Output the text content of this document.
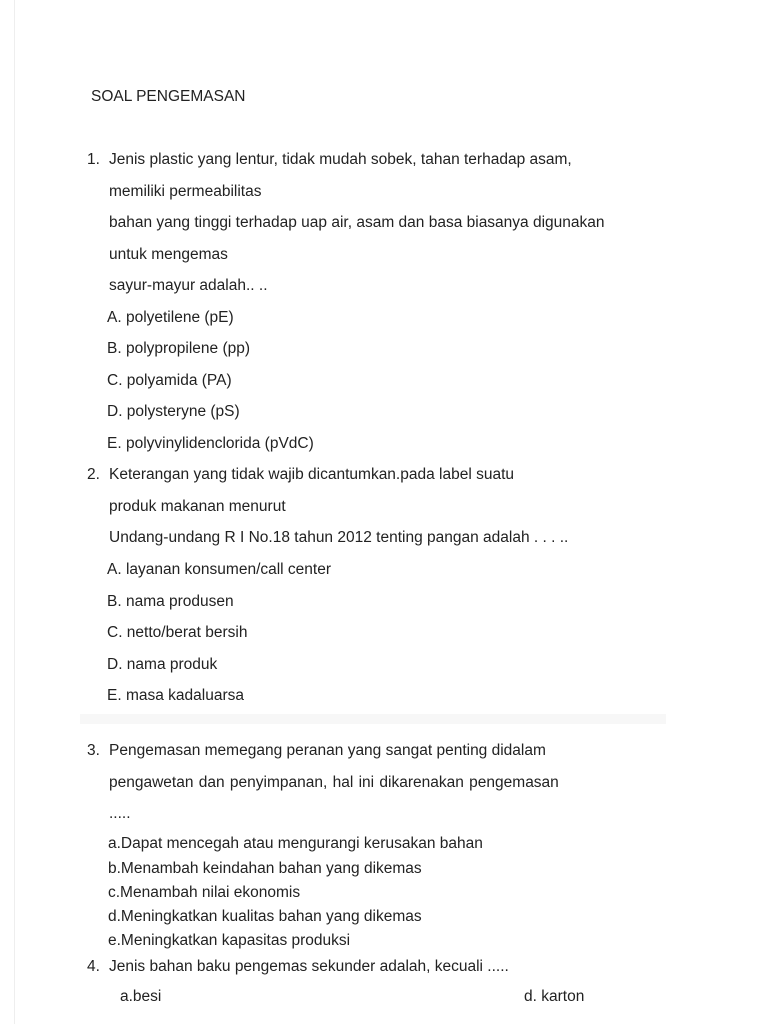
SOAL PENGEMASAN
1. Jenis plastic yang lentur, tidak mudah sobek, tahan terhadap asam,
memiliki permeabilitas
bahan yang tinggi terhadap uap air, asam dan basa biasanya digunakan
untuk mengemas
sayur-mayur adalah.. ..
A. polyetilene (pE)
B. polypropilene (pp)
C. polyamida (PA)
D. polysteryne (pS)
E. polyvinylidenclorida (pVdC)
2. Keterangan yang tidak wajib dicantumkan.pada label suatu
produk makanan menurut
Undang-undang R I No.18 tahun 2012 tenting pangan adalah . . . ..
A. layanan konsumen/call center
B. nama produsen
C. netto/berat bersih
D. nama produk
E. masa kadaluarsa
3. Pengemasan memegang peranan yang sangat penting didalam
pengawetan dan penyimpanan, hal ini dikarenakan pengemasan
.....
a.Dapat mencegah atau mengurangi kerusakan bahan
b.Menambah keindahan bahan yang dikemas
c.Menambah nilai ekonomis
d.Meningkatkan kualitas bahan yang dikemas
e.Meningkatkan kapasitas produksi
4. Jenis bahan baku pengemas sekunder adalah, kecuali .....
a.besi	d. karton
